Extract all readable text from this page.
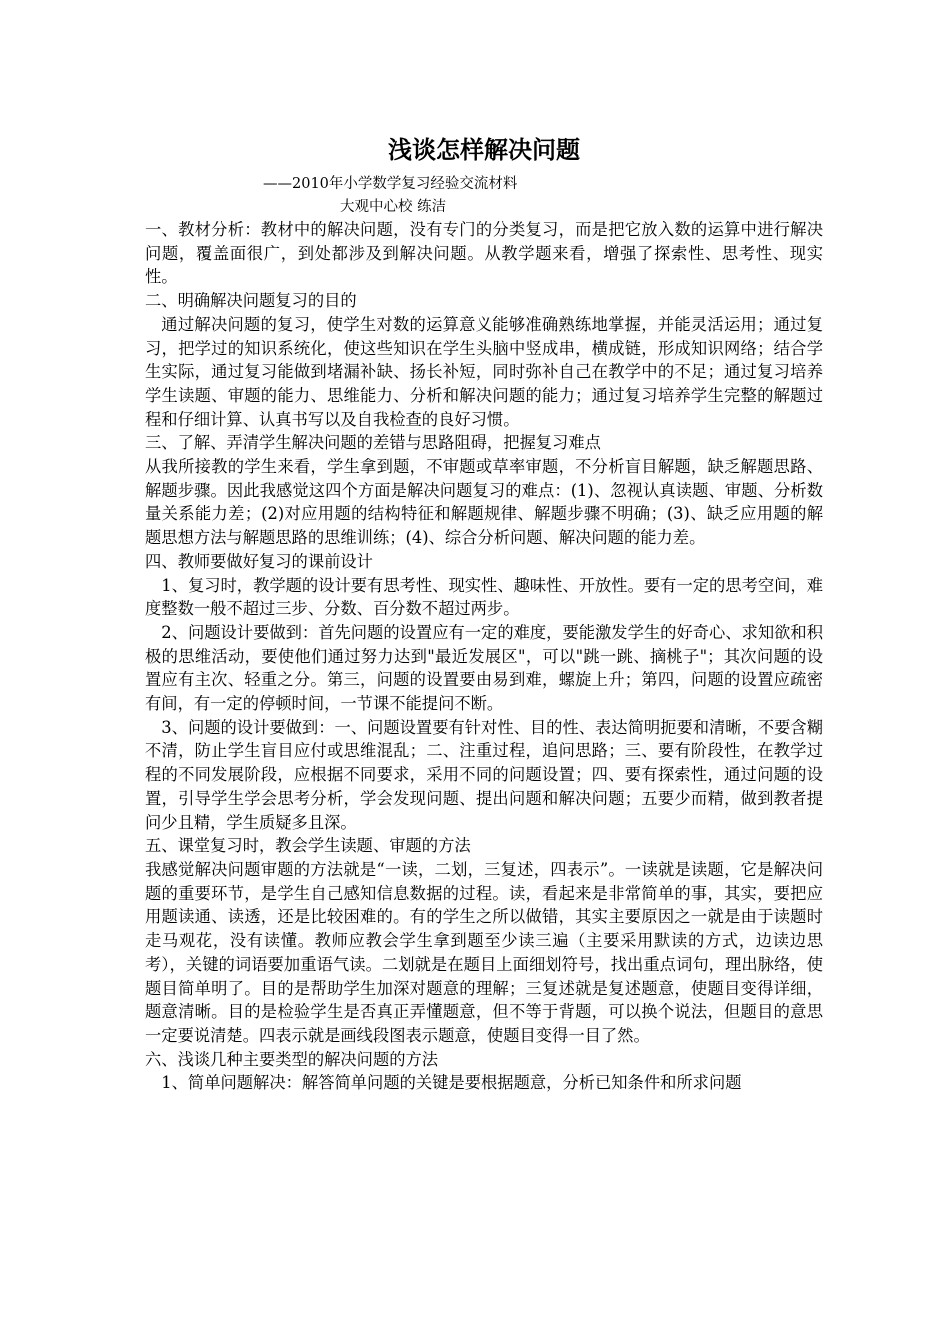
浅谈怎样解决问题

——2010年小学数学复习经验交流材料

大观中心校 练洁

一、教材分析：教材中的解决问题，没有专门的分类复习，而是把它放入数的运算中进行解决问题，覆盖面很广，到处都涉及到解决问题。从教学题来看，增强了探索性、思考性、现实性。

二、明确解决问题复习的目的

通过解决问题的复习，使学生对数的运算意义能够准确熟练地掌握，并能灵活运用；通过复习，把学过的知识系统化，使这些知识在学生头脑中竖成串，横成链，形成知识网络；结合学生实际，通过复习能做到堵漏补缺、扬长补短，同时弥补自己在教学中的不足；通过复习培养学生读题、审题的能力、思维能力、分析和解决问题的能力；通过复习培养学生完整的解题过程和仔细计算、认真书写以及自我检查的良好习惯。

三、了解、弄清学生解决问题的差错与思路阻碍，把握复习难点

从我所接教的学生来看，学生拿到题，不审题或草率审题，不分析盲目解题，缺乏解题思路、解题步骤。因此我感觉这四个方面是解决问题复习的难点：(1)、忽视认真读题、审题、分析数量关系能力差；(2)对应用题的结构特征和解题规律、解题步骤不明确；(3)、缺乏应用题的解题思想方法与解题思路的思维训练；(4)、综合分析问题、解决问题的能力差。

四、教师要做好复习的课前设计

1、复习时，教学题的设计要有思考性、现实性、趣味性、开放性。要有一定的思考空间，难度整数一般不超过三步、分数、百分数不超过两步。

2、问题设计要做到：首先问题的设置应有一定的难度，要能激发学生的好奇心、求知欲和积极的思维活动，要使他们通过努力达到"最近发展区"，可以"跳一跳、摘桃子"；其次问题的设置应有主次、轻重之分。第三，问题的设置要由易到难，螺旋上升；第四，问题的设置应疏密有间，有一定的停顿时间，一节课不能提问不断。

3、问题的设计要做到：一、问题设置要有针对性、目的性、表达简明扼要和清晰，不要含糊不清，防止学生盲目应付或思维混乱；二、注重过程，追问思路；三、要有阶段性，在教学过程的不同发展阶段，应根据不同要求，采用不同的问题设置；四、要有探索性，通过问题的设置，引导学生学会思考分析，学会发现问题、提出问题和解决问题；五要少而精，做到教者提问少且精，学生质疑多且深。

五、课堂复习时，教会学生读题、审题的方法

我感觉解决问题审题的方法就是“一读，二划，三复述，四表示”。一读就是读题，它是解决问题的重要环节，是学生自己感知信息数据的过程。读，看起来是非常简单的事，其实，要把应用题读通、读透，还是比较困难的。有的学生之所以做错，其实主要原因之一就是由于读题时走马观花，没有读懂。教师应教会学生拿到题至少读三遍（主要采用默读的方式，边读边思考），关键的词语要加重语气读。二划就是在题目上面细划符号，找出重点词句，理出脉络，使题目简单明了。目的是帮助学生加深对题意的理解；三复述就是复述题意，使题目变得详细，题意清晰。目的是检验学生是否真正弄懂题意，但不等于背题，可以换个说法，但题目的意思一定要说清楚。四表示就是画线段图表示题意，使题目变得一目了然。

六、浅谈几种主要类型的解决问题的方法

1、简单问题解决：解答简单问题的关键是要根据题意，分析已知条件和所求问题
